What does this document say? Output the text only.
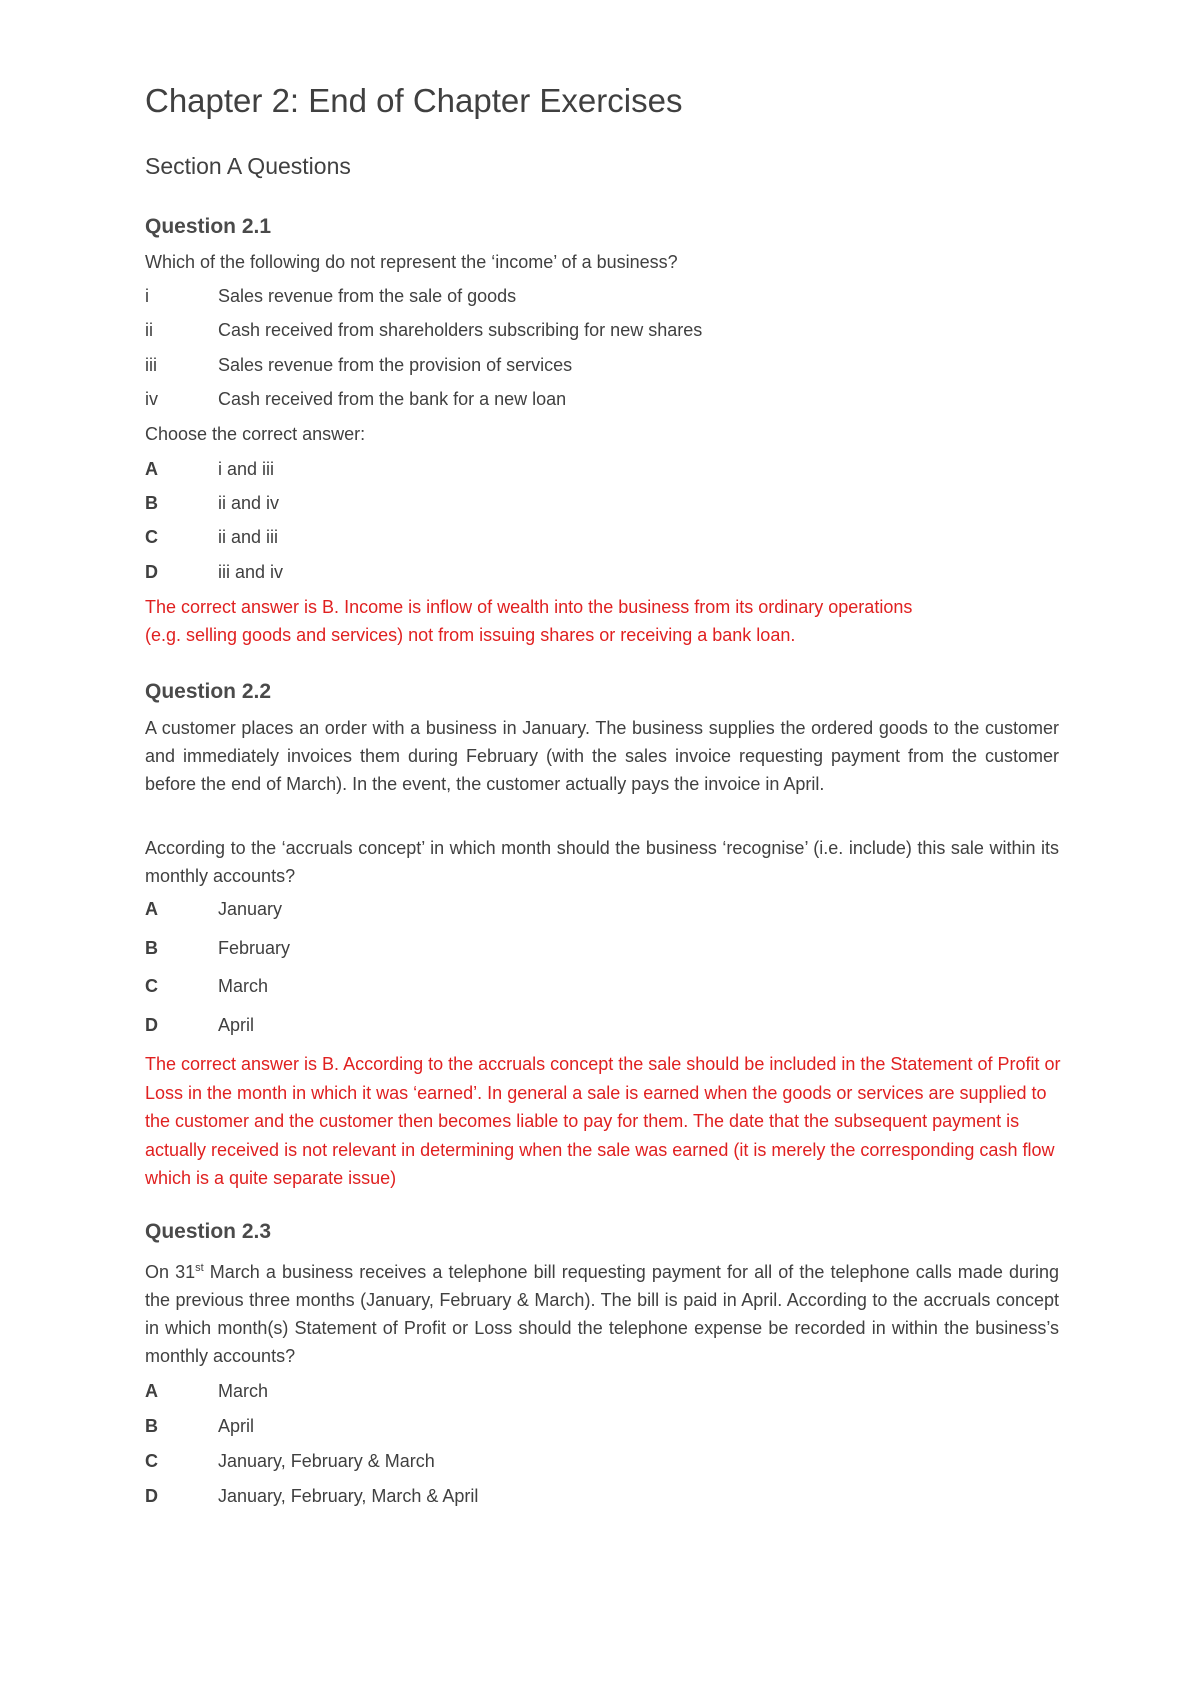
Chapter 2: End of Chapter Exercises
Section A Questions
Question 2.1
Which of the following do not represent the ‘income’ of a business?
i	Sales revenue from the sale of goods
ii	Cash received from shareholders subscribing for new shares
iii	Sales revenue from the provision of services
iv	Cash received from the bank for a new loan
Choose the correct answer:
A	i and iii
B	ii and iv
C	ii and iii
D	iii and iv
The correct answer is B. Income is inflow of wealth into the business from its ordinary operations
(e.g. selling goods and services) not from issuing shares or receiving a bank loan.
Question 2.2
A customer places an order with a business in January. The business supplies the ordered goods to the customer and immediately invoices them during February (with the sales invoice requesting payment from the customer before the end of March). In the event, the customer actually pays the invoice in April.
According to the ‘accruals concept’ in which month should the business ‘recognise’ (i.e. include) this sale within its monthly accounts?
A	January
B	February
C	March
D	April
The correct answer is B. According to the accruals concept the sale should be included in the Statement of Profit or Loss in the month in which it was ‘earned’. In general a sale is earned when the goods or services are supplied to the customer and the customer then becomes liable to pay for them. The date that the subsequent payment is actually received is not relevant in determining when the sale was earned (it is merely the corresponding cash flow which is a quite separate issue)
Question 2.3
On 31st March a business receives a telephone bill requesting payment for all of the telephone calls made during the previous three months (January, February & March). The bill is paid in April. According to the accruals concept in which month(s) Statement of Profit or Loss should the telephone expense be recorded in within the business’s monthly accounts?
A	March
B	April
C	January, February & March
D	January, February, March & April
